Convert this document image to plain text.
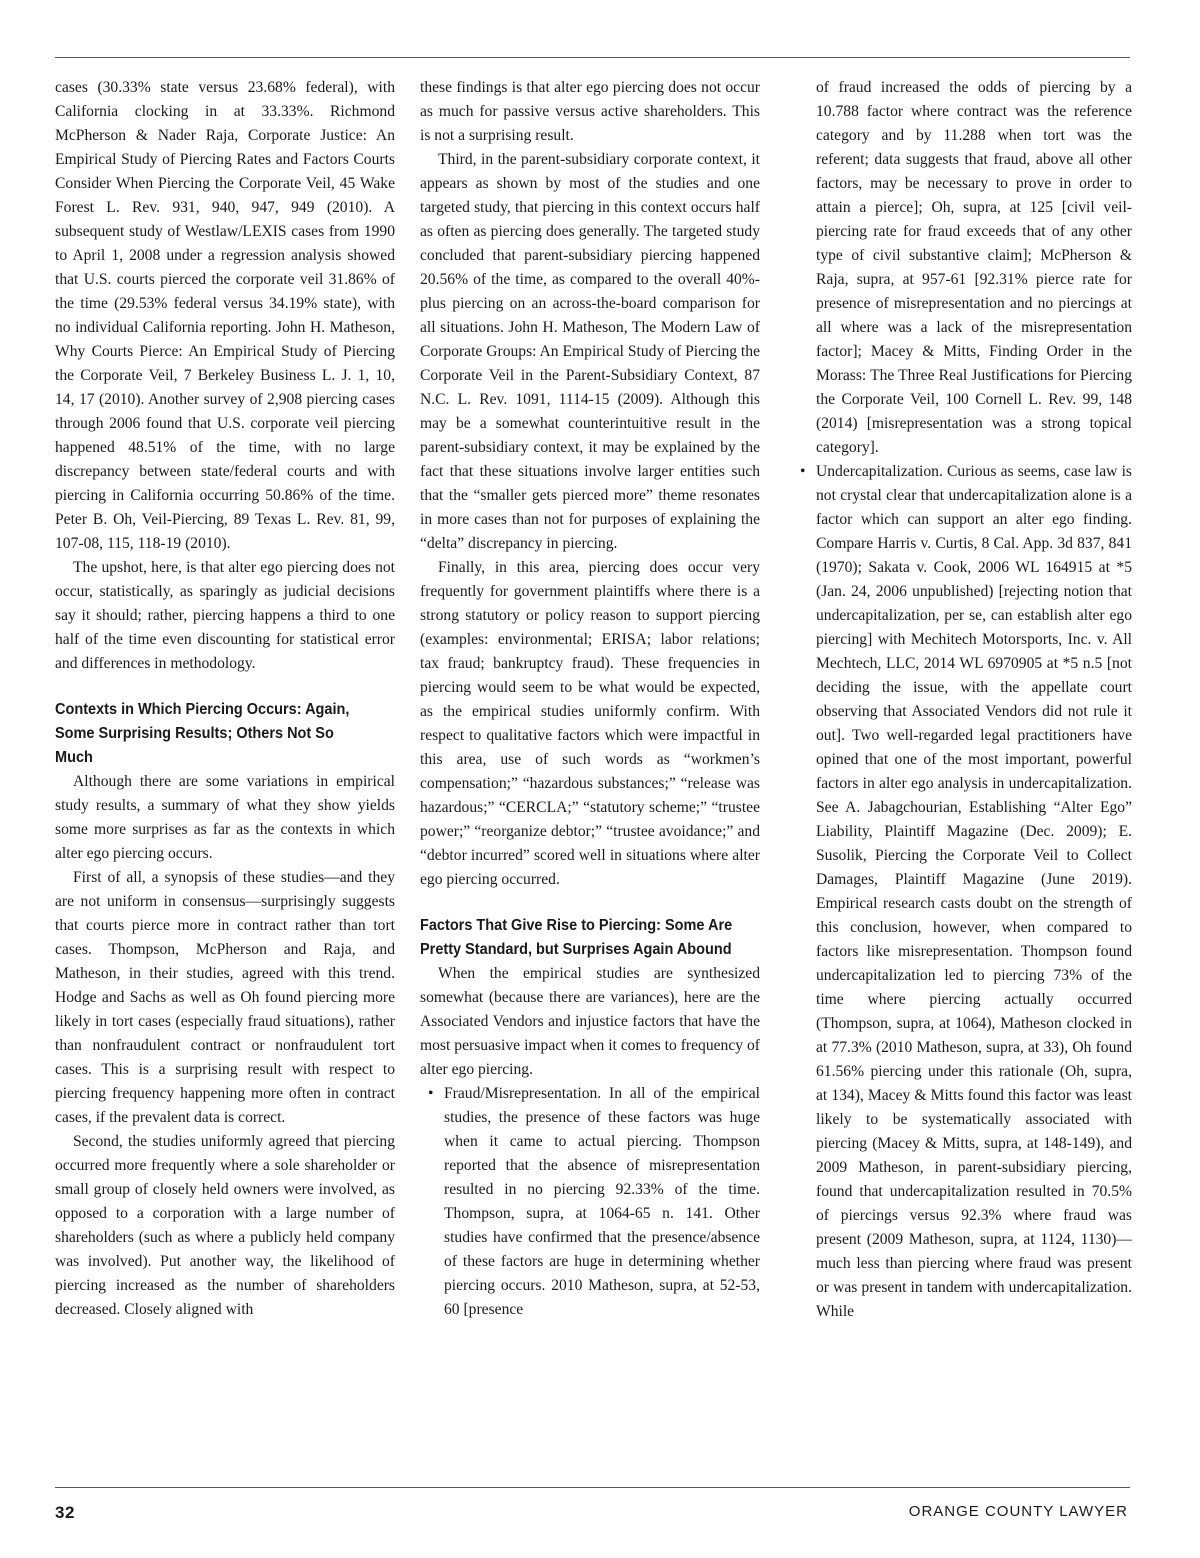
cases (30.33% state versus 23.68% federal), with California clocking in at 33.33%. Richmond McPherson & Nader Raja, Corporate Justice: An Empirical Study of Piercing Rates and Factors Courts Consider When Piercing the Corporate Veil, 45 Wake Forest L. Rev. 931, 940, 947, 949 (2010). A subsequent study of Westlaw/LEXIS cases from 1990 to April 1, 2008 under a regression analysis showed that U.S. courts pierced the corporate veil 31.86% of the time (29.53% federal versus 34.19% state), with no individual California reporting. John H. Matheson, Why Courts Pierce: An Empirical Study of Piercing the Corporate Veil, 7 Berkeley Business L. J. 1, 10, 14, 17 (2010). Another survey of 2,908 piercing cases through 2006 found that U.S. corporate veil piercing happened 48.51% of the time, with no large discrepancy between state/federal courts and with piercing in California occurring 50.86% of the time. Peter B. Oh, Veil-Piercing, 89 Texas L. Rev. 81, 99, 107-08, 115, 118-19 (2010).

The upshot, here, is that alter ego piercing does not occur, statistically, as sparingly as judicial decisions say it should; rather, piercing happens a third to one half of the time even discounting for statistical error and differences in methodology.

Contexts in Which Piercing Occurs: Again, Some Surprising Results; Others Not So Much

Although there are some variations in empirical study results, a summary of what they show yields some more surprises as far as the contexts in which alter ego piercing occurs.

First of all, a synopsis of these studies—and they are not uniform in consensus—surprisingly suggests that courts pierce more in contract rather than tort cases. Thompson, McPherson and Raja, and Matheson, in their studies, agreed with this trend. Hodge and Sachs as well as Oh found piercing more likely in tort cases (especially fraud situations), rather than nonfraudulent contract or nonfraudulent tort cases. This is a surprising result with respect to piercing frequency happening more often in contract cases, if the prevalent data is correct.

Second, the studies uniformly agreed that piercing occurred more frequently where a sole shareholder or small group of closely held owners were involved, as opposed to a corporation with a large number of shareholders (such as where a publicly held company was involved). Put another way, the likelihood of piercing increased as the number of shareholders decreased. Closely aligned with

these findings is that alter ego piercing does not occur as much for passive versus active shareholders. This is not a surprising result.

Third, in the parent-subsidiary corporate context, it appears as shown by most of the studies and one targeted study, that piercing in this context occurs half as often as piercing does generally. The targeted study concluded that parent-subsidiary piercing happened 20.56% of the time, as compared to the overall 40%-plus piercing on an across-the-board comparison for all situations. John H. Matheson, The Modern Law of Corporate Groups: An Empirical Study of Piercing the Corporate Veil in the Parent-Subsidiary Context, 87 N.C. L. Rev. 1091, 1114-15 (2009). Although this may be a somewhat counterintuitive result in the parent-subsidiary context, it may be explained by the fact that these situations involve larger entities such that the “smaller gets pierced more” theme resonates in more cases than not for purposes of explaining the “delta” discrepancy in piercing.

Finally, in this area, piercing does occur very frequently for government plaintiffs where there is a strong statutory or policy reason to support piercing (examples: environmental; ERISA; labor relations; tax fraud; bankruptcy fraud). These frequencies in piercing would seem to be what would be expected, as the empirical studies uniformly confirm. With respect to qualitative factors which were impactful in this area, use of such words as “workmen’s compensation;” “hazardous substances;” “release was hazardous;” “CERCLA;” “statutory scheme;” “trustee power;” “reorganize debtor;” “trustee avoidance;” and “debtor incurred” scored well in situations where alter ego piercing occurred.

Factors That Give Rise to Piercing: Some Are Pretty Standard, but Surprises Again Abound

When the empirical studies are synthesized somewhat (because there are variances), here are the Associated Vendors and injustice factors that have the most persuasive impact when it comes to frequency of alter ego piercing.

• Fraud/Misrepresentation. In all of the empirical studies, the presence of these factors was huge when it came to actual piercing. Thompson reported that the absence of misrepresentation resulted in no piercing 92.33% of the time. Thompson, supra, at 1064-65 n. 141. Other studies have confirmed that the presence/absence of these factors are huge in determining whether piercing occurs. 2010 Matheson, supra, at 52-53, 60 [presence

of fraud increased the odds of piercing by a 10.788 factor where contract was the reference category and by 11.288 when tort was the referent; data suggests that fraud, above all other factors, may be necessary to prove in order to attain a pierce]; Oh, supra, at 125 [civil veil-piercing rate for fraud exceeds that of any other type of civil substantive claim]; McPherson & Raja, supra, at 957-61 [92.31% pierce rate for presence of misrepresentation and no piercings at all where was a lack of the misrepresentation factor]; Macey & Mitts, Finding Order in the Morass: The Three Real Justifications for Piercing the Corporate Veil, 100 Cornell L. Rev. 99, 148 (2014) [misrepresentation was a strong topical category].

• Undercapitalization. Curious as seems, case law is not crystal clear that undercapitalization alone is a factor which can support an alter ego finding. Compare Harris v. Curtis, 8 Cal. App. 3d 837, 841 (1970); Sakata v. Cook, 2006 WL 164915 at *5 (Jan. 24, 2006 unpublished) [rejecting notion that undercapitalization, per se, can establish alter ego piercing] with Mechitech Motorsports, Inc. v. All Mechtech, LLC, 2014 WL 6970905 at *5 n.5 [not deciding the issue, with the appellate court observing that Associated Vendors did not rule it out]. Two well-regarded legal practitioners have opined that one of the most important, powerful factors in alter ego analysis in undercapitalization. See A. Jabagchourian, Establishing “Alter Ego” Liability, Plaintiff Magazine (Dec. 2009); E. Susolik, Piercing the Corporate Veil to Collect Damages, Plaintiff Magazine (June 2019). Empirical research casts doubt on the strength of this conclusion, however, when compared to factors like misrepresentation. Thompson found undercapitalization led to piercing 73% of the time where piercing actually occurred (Thompson, supra, at 1064), Matheson clocked in at 77.3% (2010 Matheson, supra, at 33), Oh found 61.56% piercing under this rationale (Oh, supra, at 134), Macey & Mitts found this factor was least likely to be systematically associated with piercing (Macey & Mitts, supra, at 148-149), and 2009 Matheson, in parent-subsidiary piercing, found that undercapitalization resulted in 70.5% of piercings versus 92.3% where fraud was present (2009 Matheson, supra, at 1124, 1130)—much less than piercing where fraud was present or was present in tandem with undercapitalization. While
32	ORANGE COUNTY LAWYER
